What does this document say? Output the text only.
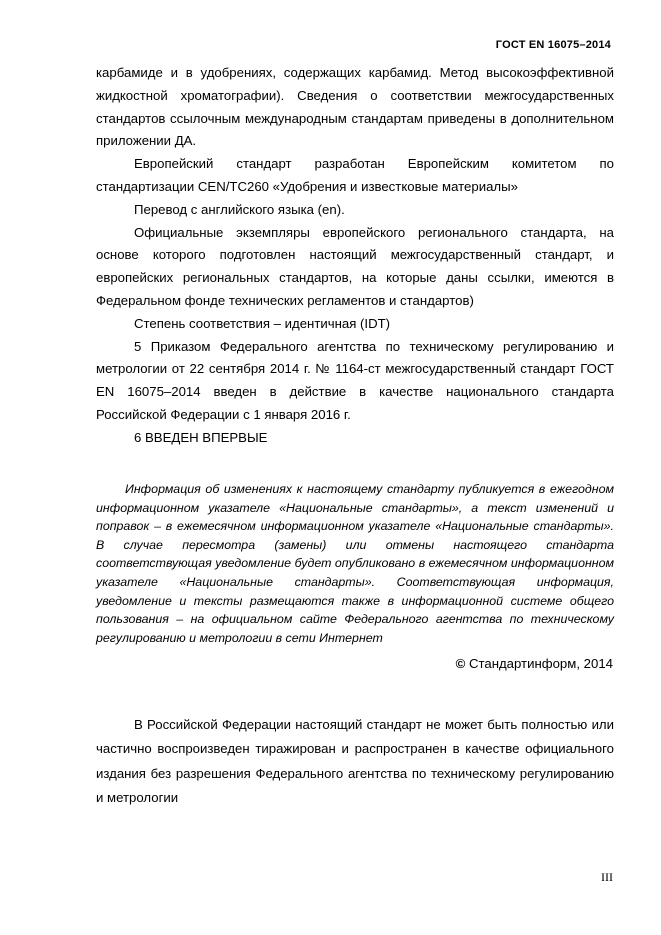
ГОСТ EN 16075–2014

карбамиде и в удобрениях, содержащих карбамид. Метод высокоэффективной жидкостной хроматографии). Сведения о соответствии межгосударственных стандартов ссылочным международным стандартам приведены в дополнительном приложении ДА.

Европейский стандарт разработан Европейским комитетом по стандартизации CEN/TC260 «Удобрения и известковые материалы»

Перевод с английского языка (en).

Официальные экземпляры европейского регионального стандарта, на основе которого подготовлен настоящий межгосударственный стандарт, и европейских региональных стандартов, на которые даны ссылки, имеются в Федеральном фонде технических регламентов и стандартов)

Степень соответствия – идентичная (IDT)

5 Приказом Федерального агентства по техническому регулированию и метрологии от 22 сентября 2014 г. № 1164-ст межгосударственный стандарт ГОСТ EN 16075–2014 введен в действие в качестве национального стандарта Российской Федерации с 1 января 2016 г.

6 ВВЕДЕН ВПЕРВЫЕ

Информация об изменениях к настоящему стандарту публикуется в ежегодном информационном указателе «Национальные стандарты», а текст изменений и поправок – в ежемесячном информационном указателе «Национальные стандарты». В случае пересмотра (замены) или отмены настоящего стандарта соответствующая уведомление будет опубликовано в ежемесячном информационном указателе «Национальные стандарты». Соответствующая информация, уведомление и тексты размещаются также в информационной системе общего пользования – на официальном сайте Федерального агентства по техническому регулированию и метрологии в сети Интернет

© Стандартинформ, 2014

В Российской Федерации настоящий стандарт не может быть полностью или частично воспроизведен тиражирован и распространен в качестве официального издания без разрешения Федерального агентства по техническому регулированию и метрологии

III
